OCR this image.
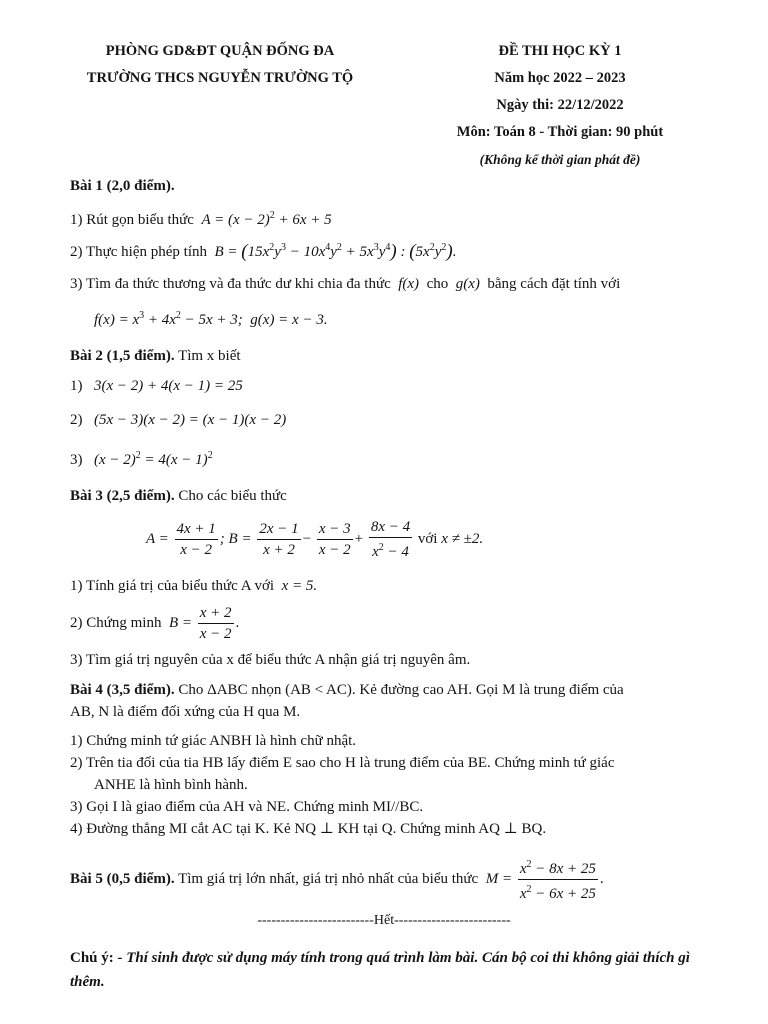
PHÒNG GD&ĐT QUẬN ĐỐNG ĐA
TRƯỜNG THCS NGUYỄN TRƯỜNG TỘ
ĐỀ THI HỌC KỲ 1
Năm học 2022 – 2023
Ngày thi: 22/12/2022
Môn: Toán 8 - Thời gian: 90 phút
(Không kể thời gian phát đề)
Bài 1 (2,0 điểm).
1) Rút gọn biểu thức  $A = (x - 2)^2 + 6x + 5$
2) Thực hiện phép tính  $B = (15x^2y^3 - 10x^4y^2 + 5x^3y^4)$ : $(5x^2y^2)$.
3) Tìm đa thức thương và đa thức dư khi chia đa thức  f(x)  cho  g(x)  bằng cách đặt tính với
$f(x) = x^3 + 4x^2 - 5x + 3$;  g(x) = x − 3.
Bài 2 (1,5 điểm). Tìm x biết
1) 3(x − 2) + 4(x − 1) = 25
2) (5x − 3)(x − 2) = (x − 1)(x − 2)
3) $(x - 2)^2 = 4(x - 1)^2$
Bài 3 (2,5 điểm). Cho các biểu thức
$A = \frac{4x + 1}{x - 2}$ ; $B = \frac{2x - 1}{x + 2} - \frac{x - 3}{x - 2} + \frac{8x - 4}{x^2 - 4}$ với x ≠ ±2.
1) Tính giá trị của biểu thức A với  x = 5.
2) Chứng minh  $B = \frac{x + 2}{x - 2}$ .
3) Tìm giá trị nguyên của x để biểu thức A nhận giá trị nguyên âm.
Bài 4 (3,5 điểm). Cho ΔABC nhọn (AB < AC). Kẻ đường cao AH. Gọi M là trung điểm của
AB, N là điểm đối xứng của H qua M.
1) Chứng minh tứ giác ANBH là hình chữ nhật.
2) Trên tia đối của tia HB lấy điểm E sao cho H là trung điểm của BE. Chứng minh tứ giác
ANHE là hình bình hành.
3) Gọi I là giao điểm của AH và NE. Chứng minh MI//BC.
4) Đường thẳng MI cắt AC tại K. Kẻ NQ ⊥ KH tại Q. Chứng minh AQ ⊥ BQ.
Bài 5 (0,5 điểm). Tìm giá trị lớn nhất, giá trị nhỏ nhất của biểu thức  $M = \frac{x^2 - 8x + 25}{x^2 - 6x + 25}$ .
-------------------------Hết-------------------------
Chú ý: - Thí sinh được sử dụng máy tính trong quá trình làm bài. Cán bộ coi thi không giải thích gì thêm.
